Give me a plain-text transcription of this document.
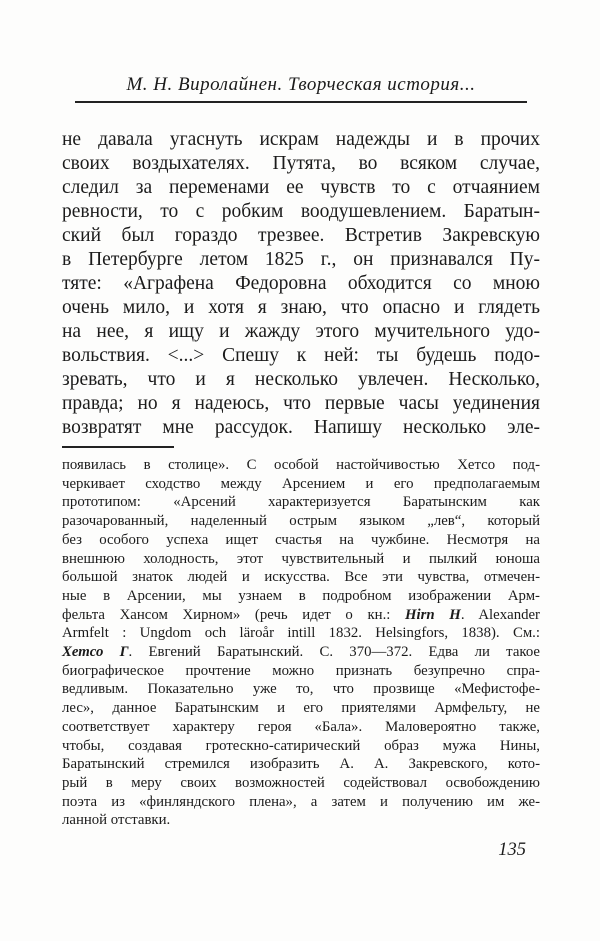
М. Н. Виролайнен. Творческая история...
не давала угаснуть искрам надежды и в прочих
своих воздыхателях. Путята, во всяком случае,
следил за переменами ее чувств то с отчаянием
ревности, то с робким воодушевлением. Баратын-
ский был гораздо трезвее. Встретив Закревскую
в Петербурге летом 1825 г., он признавался Пу-
тяте: «Аграфена Федоровна обходится со мною
очень мило, и хотя я знаю, что опасно и глядеть
на нее, я ищу и жажду этого мучительного удо-
вольствия. <...> Спешу к ней: ты будешь подо-
зревать, что и я несколько увлечен. Несколько,
правда; но я надеюсь, что первые часы уединения
возвратят мне рассудок. Напишу несколько эле-
появилась в столице». С особой настойчивостью Хетсо под-
черкивает сходство между Арсением и его предполагаемым
прототипом: «Арсений характеризуется Баратынским как
разочарованный, наделенный острым языком „лев“, который
без особого успеха ищет счастья на чужбине. Несмотря на
внешнюю холодность, этот чувствительный и пылкий юноша
большой знаток людей и искусства. Все эти чувства, отмечен-
ные в Арсении, мы узнаем в подробном изображении Арм-
фельта Хансом Хирном» (речь идет о кн.: Hirn H. Alexander
Armfelt : Ungdom och läroår intill 1832. Helsingfors, 1838). См.:
Хетсо Г. Евгений Баратынский. С. 370—372. Едва ли такое
биографическое прочтение можно признать безупречно спра-
ведливым. Показательно уже то, что прозвище «Мефистофе-
лес», данное Баратынским и его приятелями Армфельту, не
соответствует характеру героя «Бала». Маловероятно также,
чтобы, создавая гротескно-сатирический образ мужа Нины,
Баратынский стремился изобразить А. А. Закревского, кото-
рый в меру своих возможностей содействовал освобождению
поэта из «финляндского плена», а затем и получению им же-
ланной отставки.
135
